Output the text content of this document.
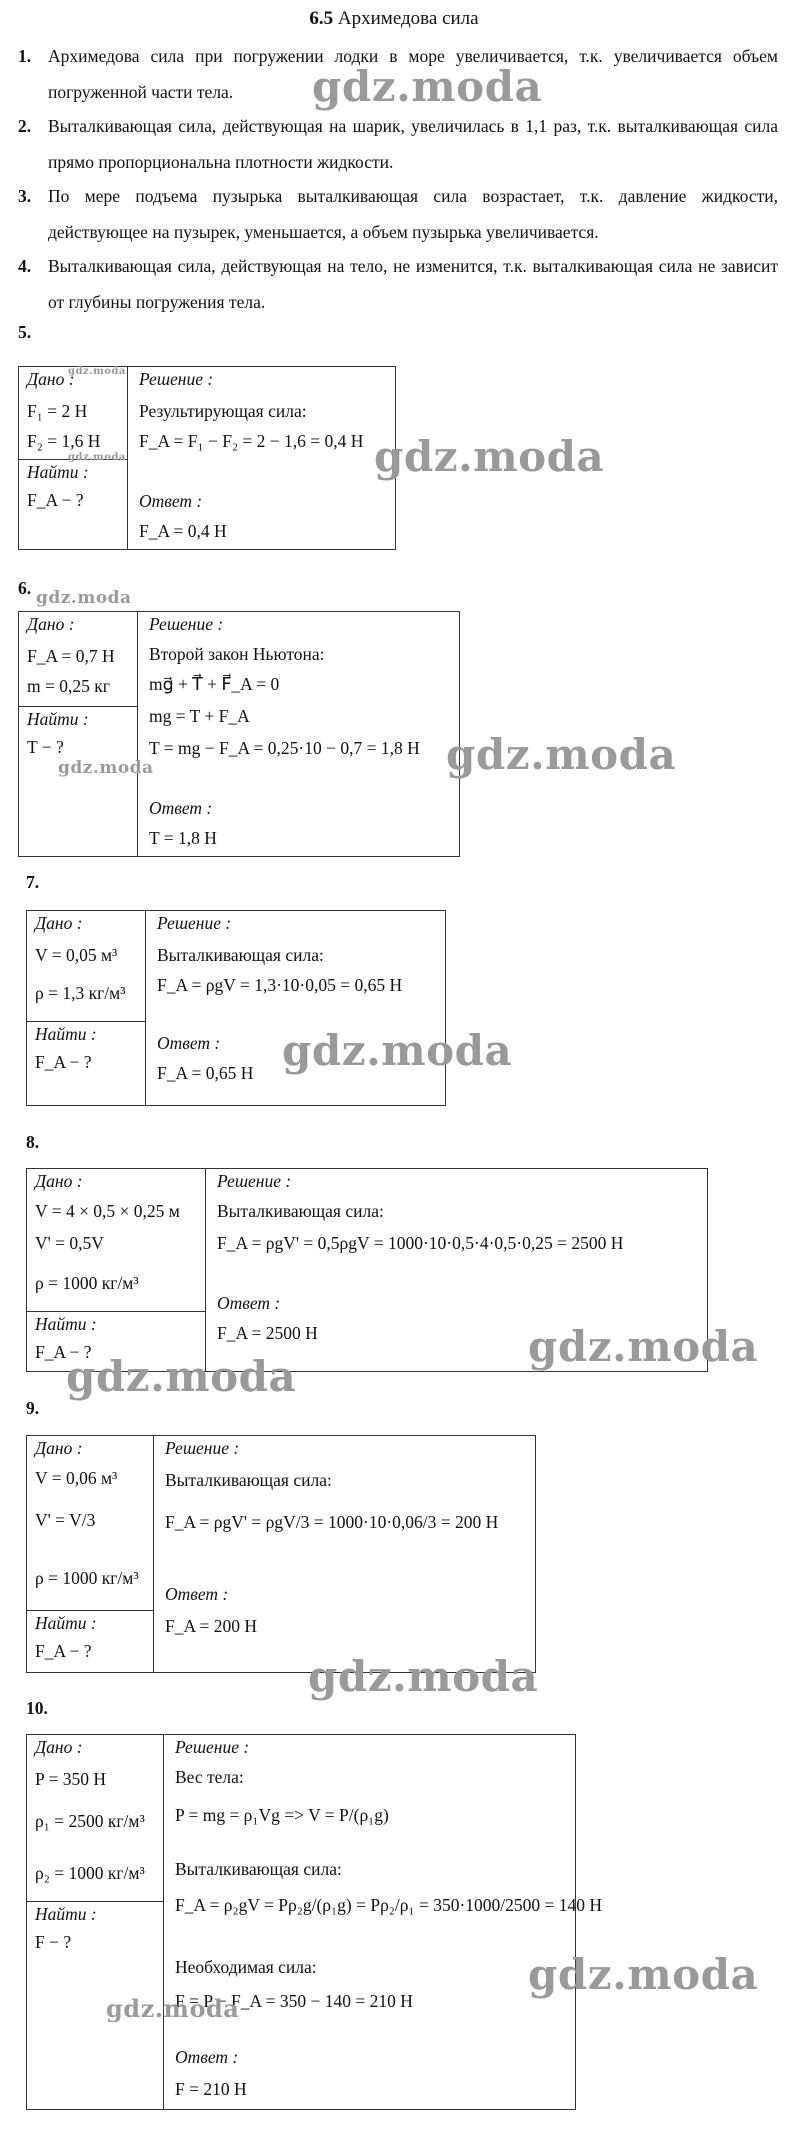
6.5 Архимедова сила
1. Архимедова сила при погружении лодки в море увеличивается, т.к. увеличивается объем погруженной части тела.
2. Выталкивающая сила, действующая на шарик, увеличилась в 1,1 раз, т.к. выталкивающая сила прямо пропорциональна плотности жидкости.
3. По мере подъема пузырька выталкивающая сила возрастает, т.к. давление жидкости, действующее на пузырек, уменьшается, а объем пузырька увеличивается.
4. Выталкивающая сила, действующая на тело, не изменится, т.к. выталкивающая сила не зависит от глубины погружения тела.
5.
Дано :
F₁ = 2 Н
F₂ = 1,6 Н
Найти :
F_A − ?
Решение :
Результирующая сила:
F_A = F₁ − F₂ = 2 − 1,6 = 0,4 Н
Ответ :
F_A = 0,4 Н
6.
Дано :
F_A = 0,7 Н
m = 0,25 кг
Найти :
T − ?
Решение :
Второй закон Ньютона:
mg⃗ + T⃗ + F⃗_A = 0
mg = T + F_A
T = mg − F_A = 0,25·10 − 0,7 = 1,8 Н
Ответ :
T = 1,8 Н
7.
Дано :
V = 0,05 м³
ρ = 1,3 кг/м³
Найти :
F_A − ?
Решение :
Выталкивающая сила:
F_A = ρgV = 1,3·10·0,05 = 0,65 Н
Ответ :
F_A = 0,65 Н
8.
Дано :
V = 4 × 0,5 × 0,25 м
V' = 0,5V
ρ = 1000 кг/м³
Найти :
F_A − ?
Решение :
Выталкивающая сила:
F_A = ρgV' = 0,5ρgV = 1000·10·0,5·4·0,5·0,25 = 2500 Н
Ответ :
F_A = 2500 Н
9.
Дано :
V = 0,06 м³
V' = V/3
ρ = 1000 кг/м³
Найти :
F_A − ?
Решение :
Выталкивающая сила:
F_A = ρgV' = ρgV/3 = 1000·10·0,06/3 = 200 Н
Ответ :
F_A = 200 Н
10.
Дано :
P = 350 Н
ρ₁ = 2500 кг/м³
ρ₂ = 1000 кг/м³
Найти :
F − ?
Решение :
Вес тела:
P = mg = ρ₁Vg => V = P/(ρ₁g)
Выталкивающая сила:
F_A = ρ₂gV = Pρ₂g/(ρ₁g) = Pρ₂/ρ₁ = 350·1000/2500 = 140 Н
Необходимая сила:
F = P − F_A = 350 − 140 = 210 Н
Ответ :
F = 210 Н
gdz.moda
gdz.moda
gdz.moda	gdz.moda
gdz.moda
gdz.moda	gdz.moda
gdz.moda
gdz.moda
gdz.moda
gdz.moda
gdz.moda
gdz.moda
